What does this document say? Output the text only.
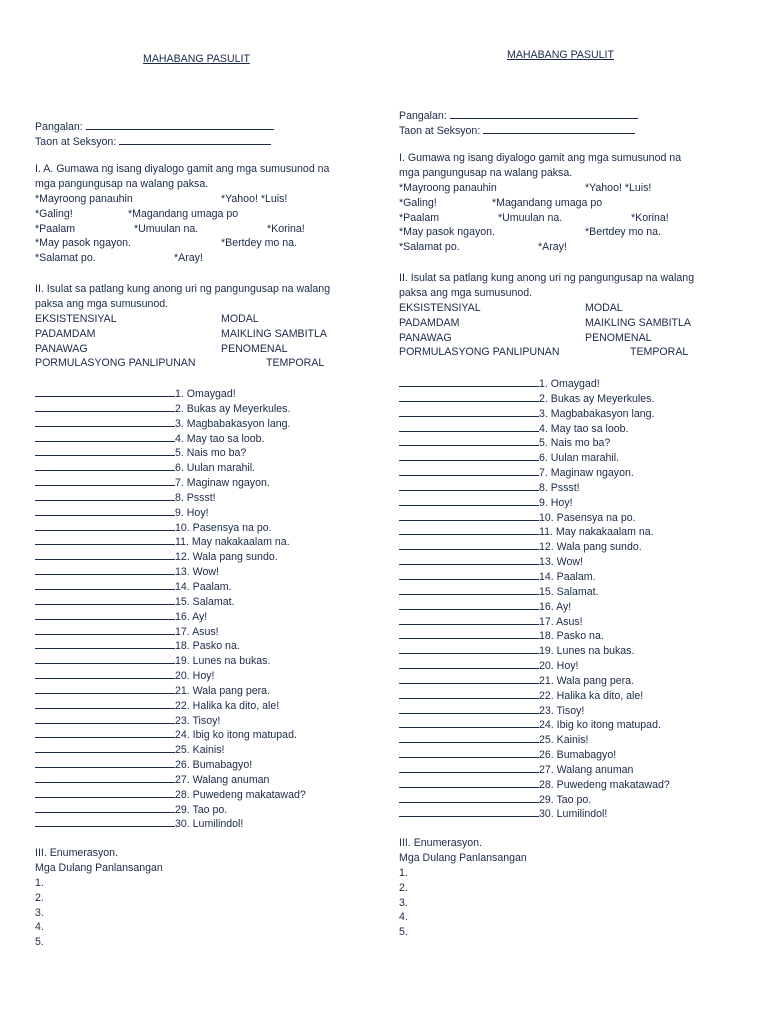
MAHABANG PASULIT
Pangalan:
Taon at Seksyon:
I. A. Gumawa ng isang diyalogo gamit ang mga sumusunod na
mga pangungusap na walang paksa.
*Mayroong panauhin	*Yahoo! *Luis!
*Galing!	*Magandang umaga po
*Paalam	*Umuulan na.	*Korina!
*May pasok ngayon.	*Bertdey mo na.
*Salamat po.	*Aray!
II. Isulat sa patlang kung anong uri ng pangungusap na walang
paksa ang mga sumusunod.
EKSISTENSIYAL	MODAL
PADAMDAM	MAIKLING SAMBITLA
PANAWAG	PENOMENAL
PORMULASYONG PANLIPUNAN	TEMPORAL
1. Omaygad!
2. Bukas ay Meyerkules.
3. Magbabakasyon lang.
4. May tao sa loob.
5. Nais mo ba?
6. Uulan marahil.
7. Maginaw ngayon.
8. Pssst!
9. Hoy!
10. Pasensya na po.
11. May nakakaalam na.
12. Wala pang sundo.
13. Wow!
14. Paalam.
15. Salamat.
16. Ay!
17. Asus!
18. Pasko na.
19. Lunes na bukas.
20. Hoy!
21. Wala pang pera.
22. Halika ka dito, ale!
23. Tisoy!
24. Ibig ko itong matupad.
25. Kainis!
26. Bumabagyo!
27. Walang anuman
28. Puwedeng makatawad?
29. Tao po.
30. Lumilindol!
III. Enumerasyon.
Mga Dulang Panlansangan
1.
2.
3.
4.
5.
MAHABANG PASULIT
Pangalan:
Taon at Seksyon:
I. Gumawa ng isang diyalogo gamit ang mga sumusunod na
mga pangungusap na walang paksa.
*Mayroong panauhin	*Yahoo! *Luis!
*Galing!	*Magandang umaga po
*Paalam	*Umuulan na.	*Korina!
*May pasok ngayon.	*Bertdey mo na.
*Salamat po.	*Aray!
II. Isulat sa patlang kung anong uri ng pangungusap na walang
paksa ang mga sumusunod.
EKSISTENSIYAL	MODAL
PADAMDAM	MAIKLING SAMBITLA
PANAWAG	PENOMENAL
PORMULASYONG PANLIPUNAN	TEMPORAL
1. Omaygad!
2. Bukas ay Meyerkules.
3. Magbabakasyon lang.
4. May tao sa loob.
5. Nais mo ba?
6. Uulan marahil.
7. Maginaw ngayon.
8. Pssst!
9. Hoy!
10. Pasensya na po.
11. May nakakaalam na.
12. Wala pang sundo.
13. Wow!
14. Paalam.
15. Salamat.
16. Ay!
17. Asus!
18. Pasko na.
19. Lunes na bukas.
20. Hoy!
21. Wala pang pera.
22. Halika ka dito, ale!
23. Tisoy!
24. Ibig ko itong matupad.
25. Kainis!
26. Bumabagyo!
27. Walang anuman
28. Puwedeng makatawad?
29. Tao po.
30. Lumilindol!
III. Enumerasyon.
Mga Dulang Panlansangan
1.
2.
3.
4.
5.
